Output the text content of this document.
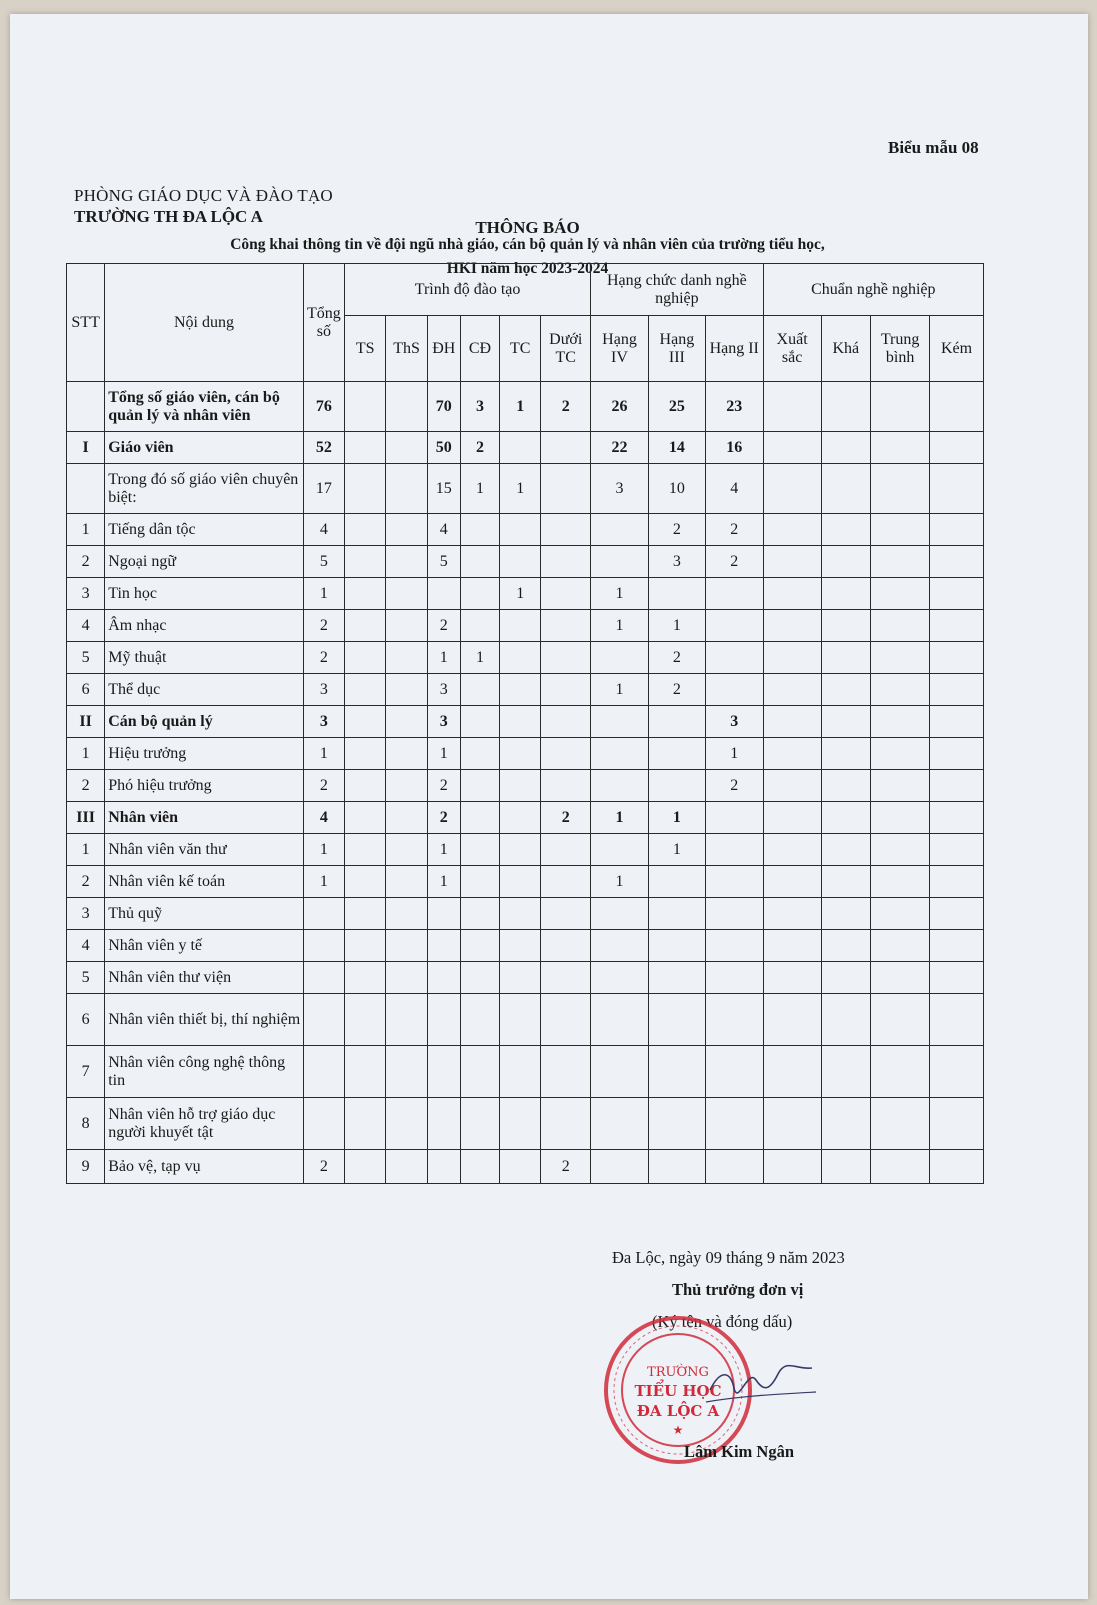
Biểu mẫu 08
PHÒNG GIÁO DỤC VÀ ĐÀO TẠO
TRƯỜNG TH ĐA LỘC A
THÔNG BÁO
Công khai thông tin về đội ngũ nhà giáo, cán bộ quản lý và nhân viên của trường tiểu học,
HKI năm học 2023-2024
STT	Nội dung	Tổng số	Trình độ đào tạo						Hạng chức danh nghề nghiệp			Chuẩn nghề nghiệp			
			TS	ThS	ĐH	CĐ	TC	Dưới TC	Hạng IV	Hạng III	Hạng II	Xuất sắc	Khá	Trung bình	Kém
	Tổng số giáo viên, cán bộ quản lý và nhân viên	76			70	3	1	2	26	25	23				
I	Giáo viên	52			50	2			22	14	16				
	Trong đó số giáo viên chuyên biệt:	17			15	1	1		3	10	4				
1	Tiếng dân tộc	4			4					2	2				
2	Ngoại ngữ	5			5					3	2				
3	Tin học	1					1		1						
4	Âm nhạc	2			2				1	1					
5	Mỹ thuật	2			1	1				2					
6	Thể dục	3			3				1	2					
II	Cán bộ quản lý	3			3						3				
1	Hiệu trưởng	1			1						1				
2	Phó hiệu trưởng	2			2						2				
III	Nhân viên	4			2			2	1	1					
1	Nhân viên văn thư	1			1					1					
2	Nhân viên kế toán	1			1				1						
3	Thủ quỹ														
4	Nhân viên y tế														
5	Nhân viên thư viện														
6	Nhân viên thiết bị, thí nghiệm														
7	Nhân viên công nghệ thông tin														
8	Nhân viên hỗ trợ giáo dục người khuyết tật														
9	Bảo vệ, tạp vụ	2						2							
Đa Lộc, ngày 09 tháng 9 năm 2023
Thủ trưởng đơn vị
(Ký tên và đóng dấu)
TRƯỜNG
TIỂU HỌC
ĐA LỘC A
★
Lâm Kim Ngân
